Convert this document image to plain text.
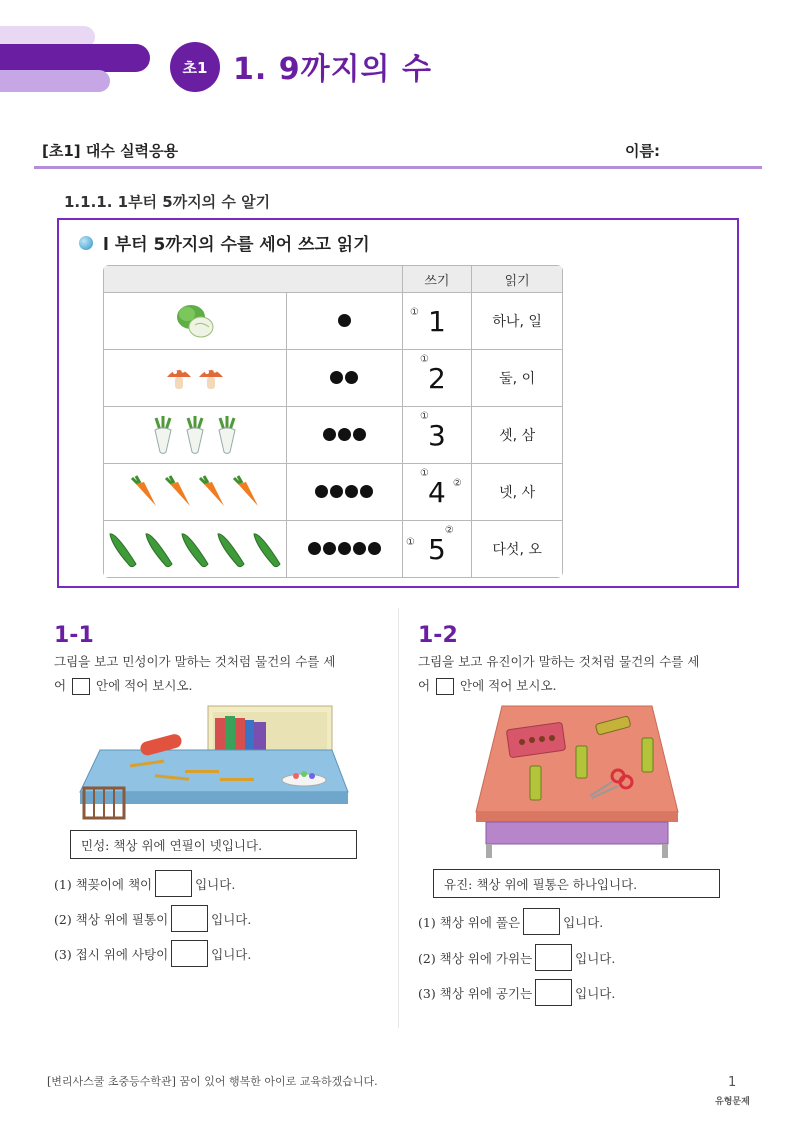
초1 1. 9까지의 수
[초1] 대수 실력응용	이름:
1.1.1. 1부터 5까지의 수 알기
l 부터 5까지의 수를 세어 쓰고 읽기
		쓰기	읽기

① 1	하나, 일

①
2	둘, 이

①
3	셋, 삼

①
4 ②	넷, 사

① 5
②	다섯, 오
1-1
그림을 보고 민성이가 말하는 것처럼 물건의 수를 세
어 안에 적어 보시오.
민성: 책상 위에 연필이 넷입니다.
(1) 책꽂이에 책이	입니다.
(2) 책상 위에 필통이	입니다.
(3) 접시 위에 사탕이	입니다.
1-2
그림을 보고 유진이가 말하는 것처럼 물건의 수를 세
어 안에 적어 보시오.
유진: 책상 위에 필통은 하나입니다.
(1) 책상 위에 풀은	입니다.
(2) 책상 위에 가위는	입니다.
(3) 책상 위에 공기는	입니다.
[변리사스쿨 초중등수학관] 꿈이 있어 행복한 아이로 교육하겠습니다.	1
유형문제
